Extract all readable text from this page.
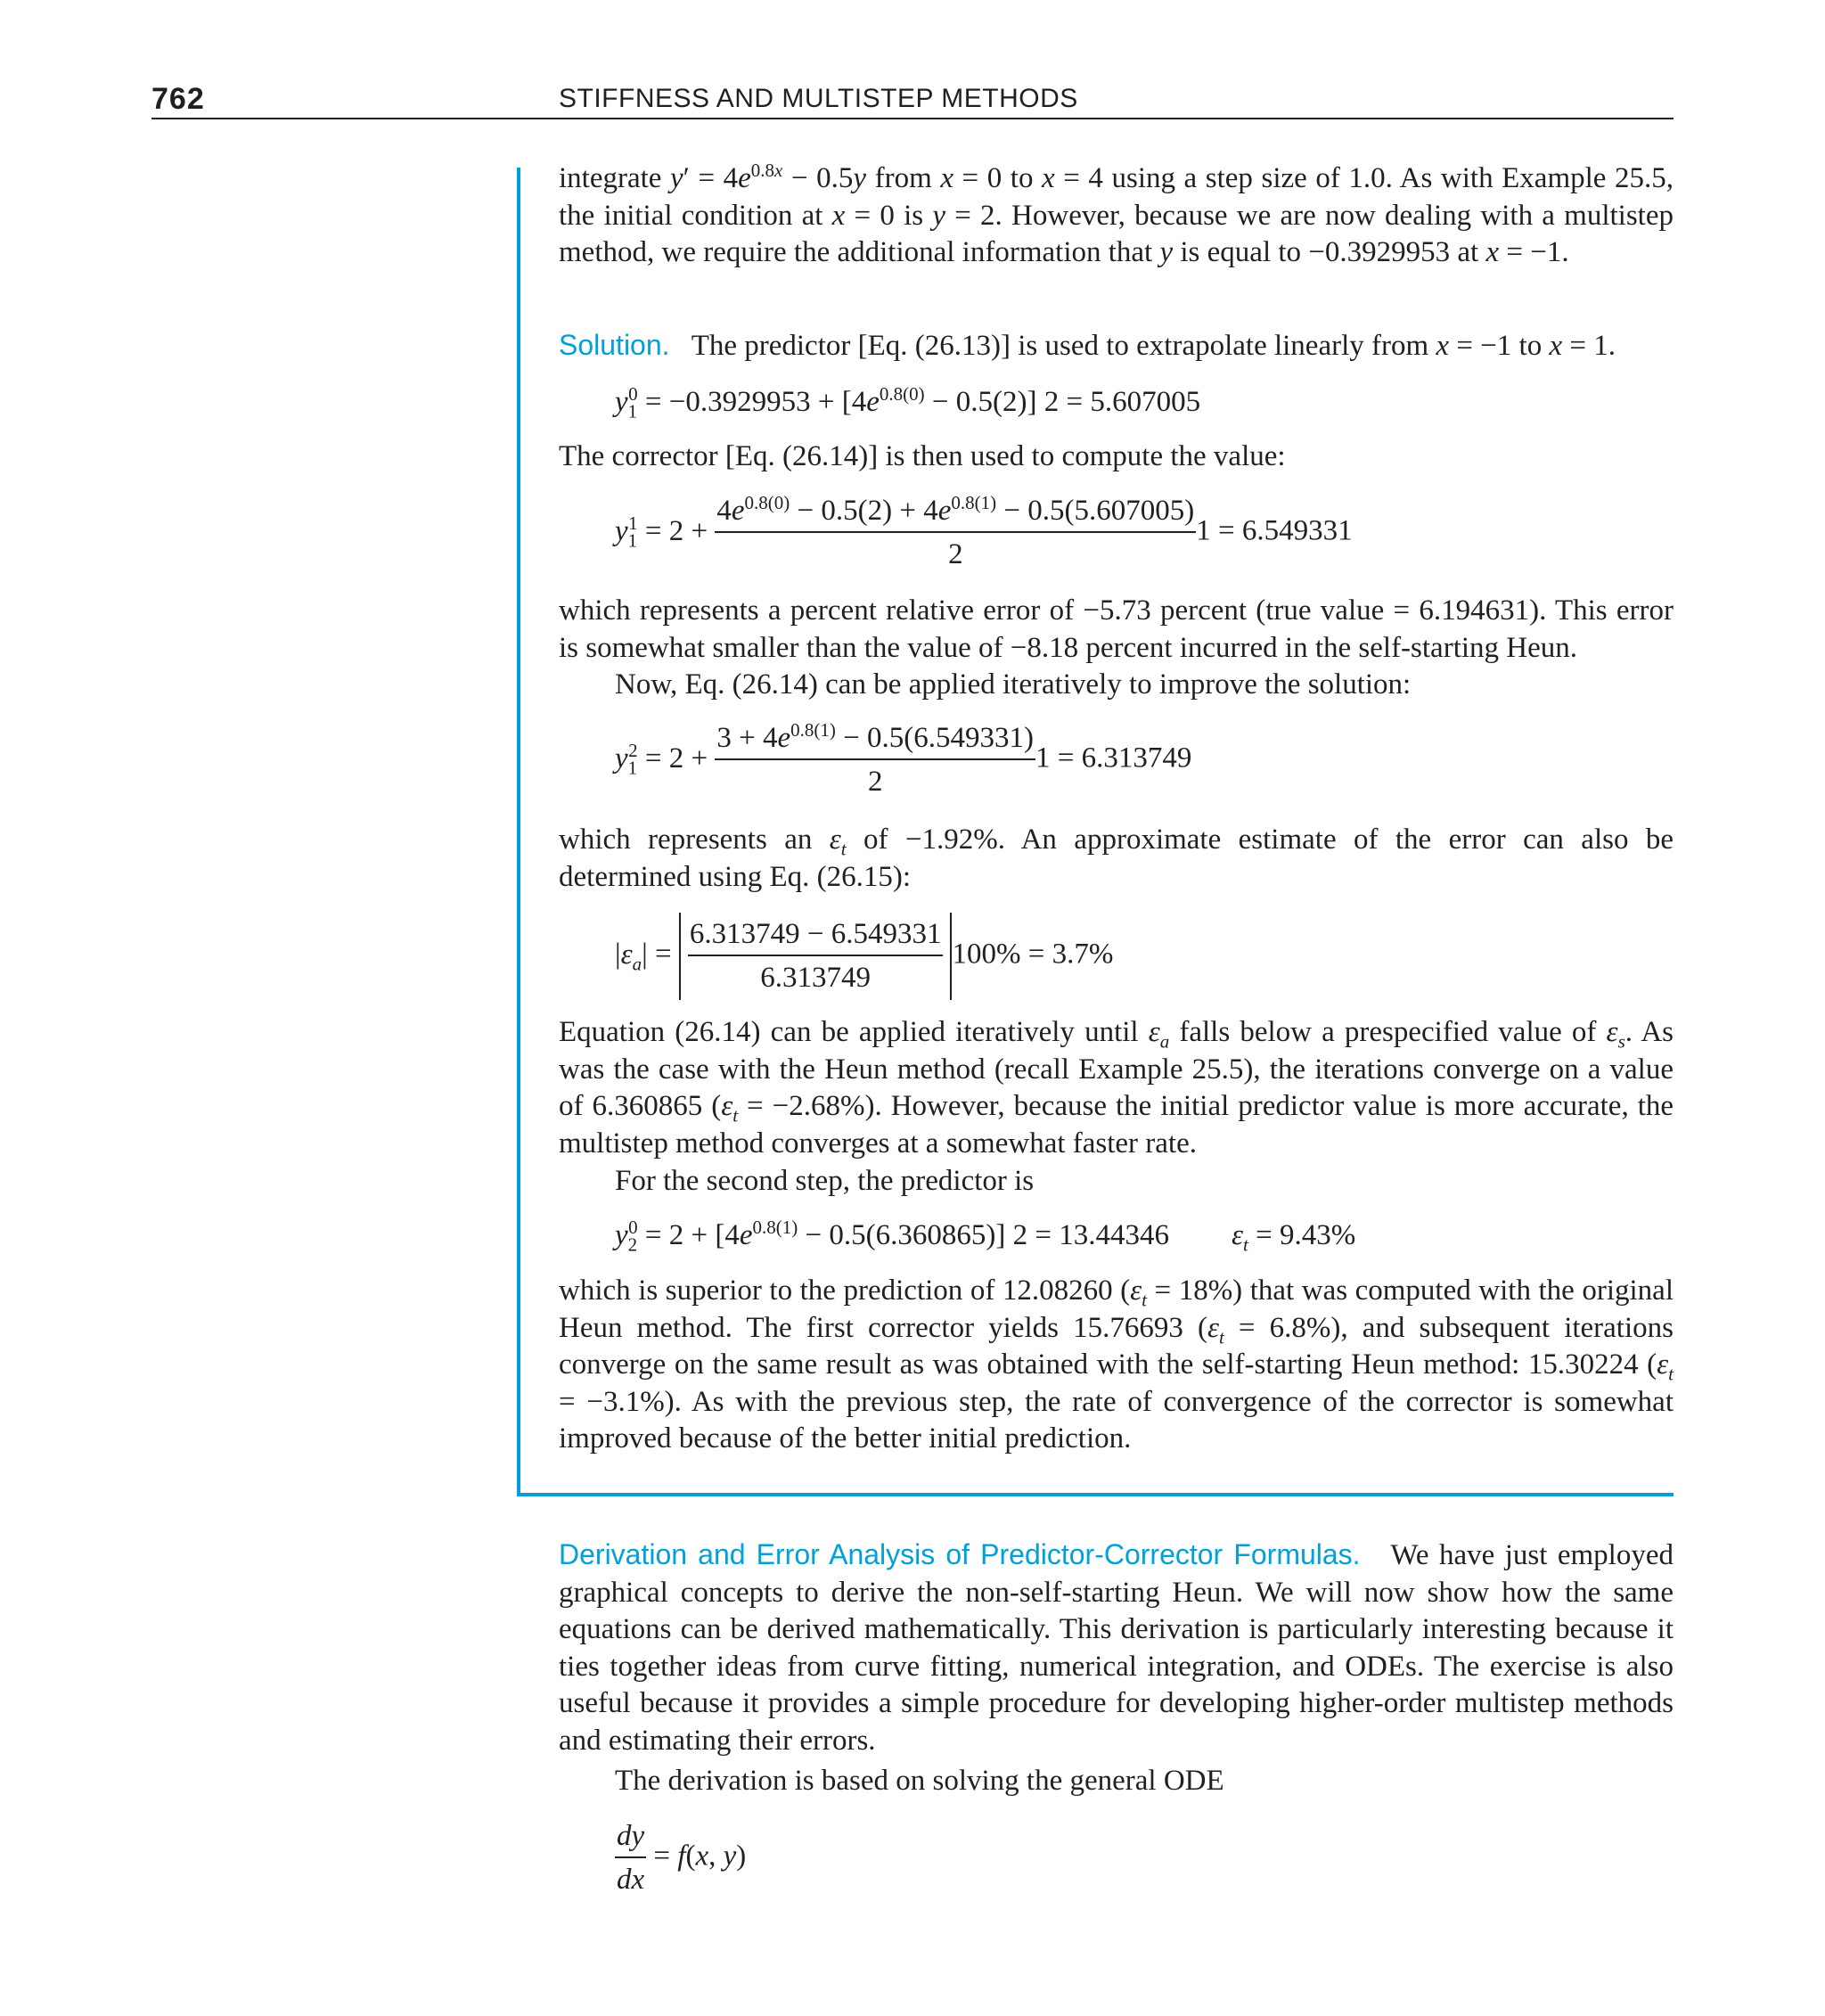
762	STIFFNESS AND MULTISTEP METHODS
integrate $y' = 4e^{0.8x} - 0.5y$ from x = 0 to x = 4 using a step size of 1.0. As with Example 25.5, the initial condition at x = 0 is y = 2. However, because we are now dealing with a multistep method, we require the additional information that y is equal to −0.3929953 at x = −1.
Solution. The predictor [Eq. (26.13)] is used to extrapolate linearly from x = −1 to x = 1.
$y_1^0 = -0.3929953 + [4e^{0.8(0)} - 0.5(2)] 2 = 5.607005$
The corrector [Eq. (26.14)] is then used to compute the value:
$y_1^1 = 2 + \frac{4e^{0.8(0)} - 0.5(2) + 4e^{0.8(1)} - 0.5(5.607005)}{2} 1 = 6.549331$
which represents a percent relative error of −5.73 percent (true value = 6.194631). This error is somewhat smaller than the value of −8.18 percent incurred in the self-starting Heun.
Now, Eq. (26.14) can be applied iteratively to improve the solution:
$y_1^2 = 2 + \frac{3 + 4e^{0.8(1)} - 0.5(6.549331)}{2} 1 = 6.313749$
which represents an $\varepsilon_t$ of −1.92%. An approximate estimate of the error can also be determined using Eq. (26.15):
$|\varepsilon_a| = \frac{6.313749 - 6.549331}{6.313749} 100\% = 3.7\%$
Equation (26.14) can be applied iteratively until $\varepsilon_a$ falls below a prespecified value of $\varepsilon_s$. As was the case with the Heun method (recall Example 25.5), the iterations converge on a value of 6.360865 $(\varepsilon_t = -2.68\%)$. However, because the initial predictor value is more accurate, the multistep method converges at a somewhat faster rate.
For the second step, the predictor is
$y_2^0 = 2 + [4e^{0.8(1)} - 0.5(6.360865)] 2 = 13.44346$ $\varepsilon_t = 9.43\%$
which is superior to the prediction of 12.08260 $(\varepsilon_t = 18\%)$ that was computed with the original Heun method. The first corrector yields 15.76693 $(\varepsilon_t = 6.8\%)$, and subsequent iterations converge on the same result as was obtained with the self-starting Heun method: 15.30224 $(\varepsilon_t = -3.1\%)$. As with the previous step, the rate of convergence of the corrector is somewhat improved because of the better initial prediction.
Derivation and Error Analysis of Predictor-Corrector Formulas. We have just employed graphical concepts to derive the non-self-starting Heun. We will now show how the same equations can be derived mathematically. This derivation is particularly interesting because it ties together ideas from curve fitting, numerical integration, and ODEs. The exercise is also useful because it provides a simple procedure for developing higher-order multistep methods and estimating their errors.
The derivation is based on solving the general ODE
$\frac{dy}{dx} = f(x$, y)
